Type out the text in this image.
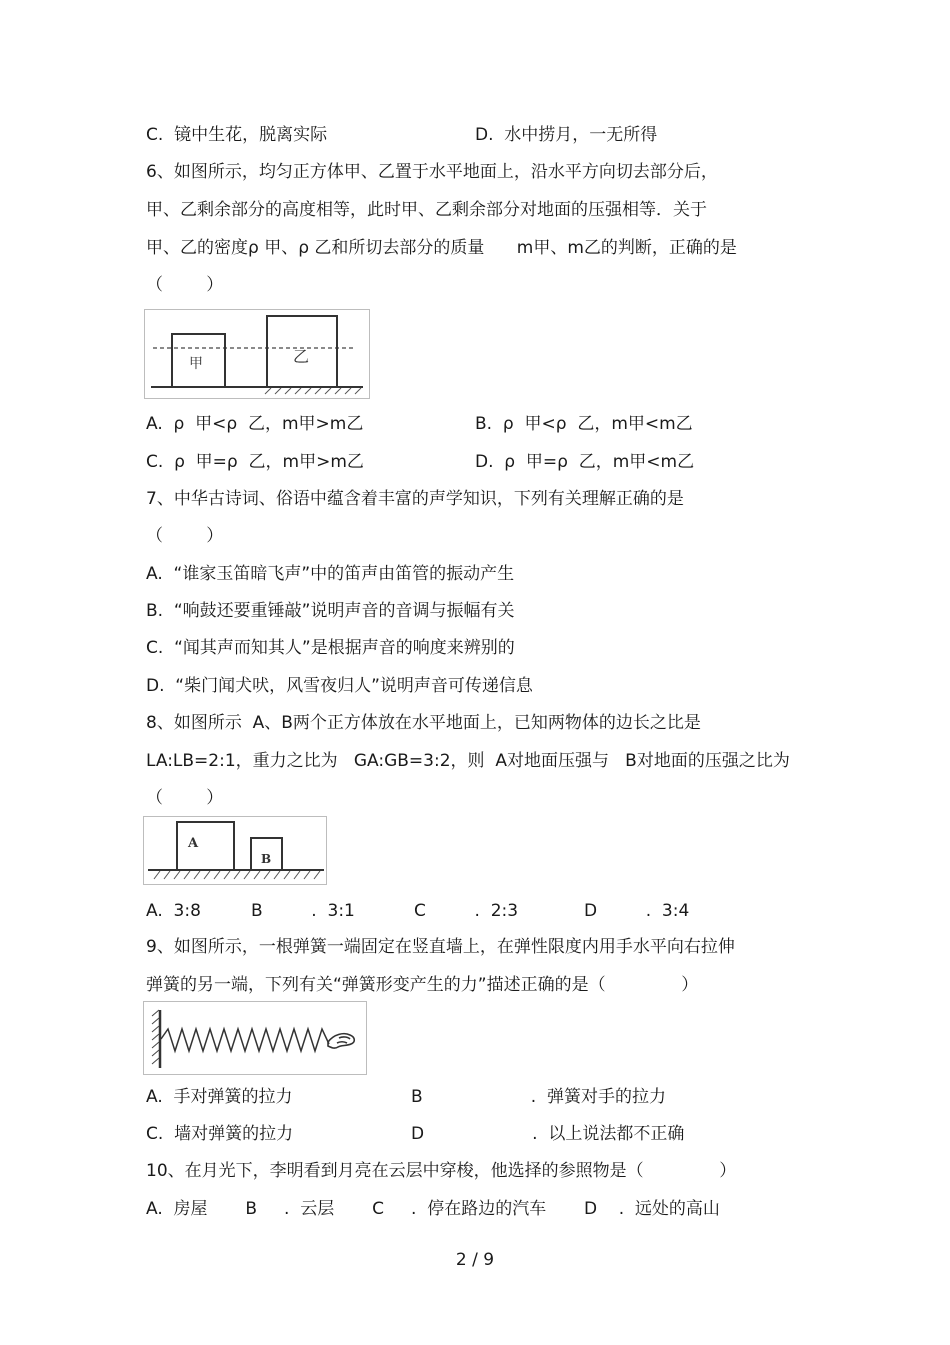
C.  镜中生花，脱离实际	D.  水中捞月，一无所得
6、如图所示，均匀正方体甲、乙置于水平地面上，沿水平方向切去部分后，
甲、乙剩余部分的高度相等，此时甲、乙剩余部分对地面的压强相等．关于
甲、乙的密度ρ 甲、ρ 乙和所切去部分的质量      m甲、m乙的判断，正确的是
（        ）
甲	乙
A.  ρ  甲<ρ  乙，m甲>m乙	B.  ρ  甲<ρ  乙，m甲<m乙
C.  ρ  甲=ρ  乙，m甲>m乙	D.  ρ  甲=ρ  乙，m甲<m乙
7、中华古诗词、俗语中蕴含着丰富的声学知识，下列有关理解正确的是
（        ）
A.  “谁家玉笛暗飞声”中的笛声由笛管的振动产生
B.  “响鼓还要重锤敲”说明声音的音调与振幅有关
C.  “闻其声而知其人”是根据声音的响度来辨别的
D.  “柴门闻犬吠，风雪夜归人”说明声音可传递信息
8、如图所示  A、B两个正方体放在水平地面上，已知两物体的边长之比是
LA:LB=2:1，重力之比为   GA:GB=3:2，则  A对地面压强与   B对地面的压强之比为
（        ）
A
B
A.  3:8	B         .  3:1	C         .  2:3	D         .  3:4
9、如图所示，一根弹簧一端固定在竖直墙上，在弹性限度内用手水平向右拉伸
弹簧的另一端，下列有关“弹簧形变产生的力”描述正确的是（              ）
A.  手对弹簧的拉力	B                    .  弹簧对手的拉力
C.  墙对弹簧的拉力	D                    .  以上说法都不正确
10、在月光下，李明看到月亮在云层中穿梭，他选择的参照物是（              ）
A.  房屋       B     .  云层       C     .  停在路边的汽车       D    .  远处的高山
2 / 9
